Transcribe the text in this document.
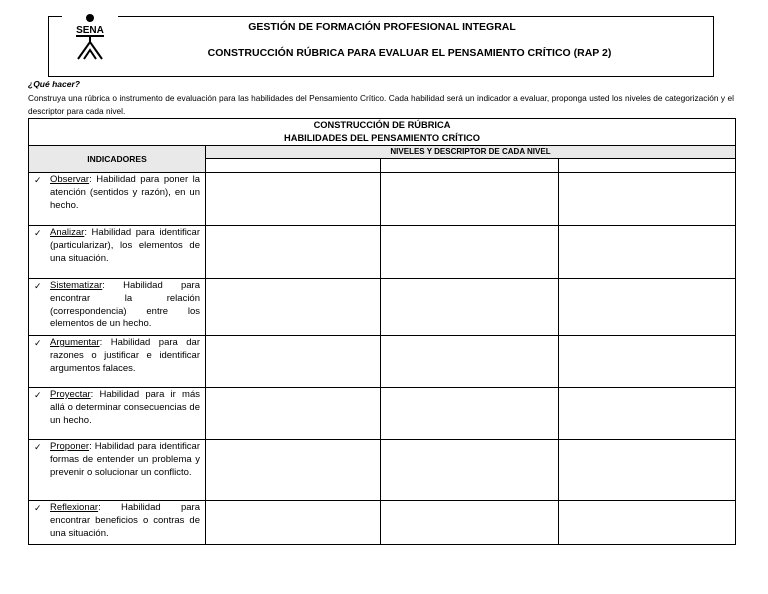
GESTIÓN DE FORMACIÓN PROFESIONAL INTEGRAL
CONSTRUCCIÓN RÚBRICA PARA EVALUAR EL PENSAMIENTO CRÍTICO (RAP 2)
SENA
¿Qué hacer?
Construya una rúbrica o instrumento de evaluación para las habilidades del Pensamiento Crítico. Cada habilidad será un indicador a evaluar, proponga usted los niveles de categorización y el descriptor para cada nivel.
CONSTRUCCIÓN DE RÚBRICA
HABILIDADES DEL PENSAMIENTO CRÍTICO			

INDICADORES	NIVELES Y DESCRIPTOR DE CADA NIVEL		

✓ Observar: Habilidad para poner la atención (sentidos y razón), en un hecho.			

✓ Analizar: Habilidad para identificar (particularizar), los elementos de una situación.			

✓ Sistematizar: Habilidad para encontrar la relación (correspondencia) entre los elementos de un hecho.			

✓ Argumentar: Habilidad para dar razones o justificar e identificar argumentos falaces.			

✓ Proyectar: Habilidad para ir más allá o determinar consecuencias de un hecho.			

✓ Proponer: Habilidad para identificar formas de entender un problema y prevenir o solucionar un conflicto.			

✓ Reflexionar: Habilidad para encontrar beneficios o contras de una situación.			
